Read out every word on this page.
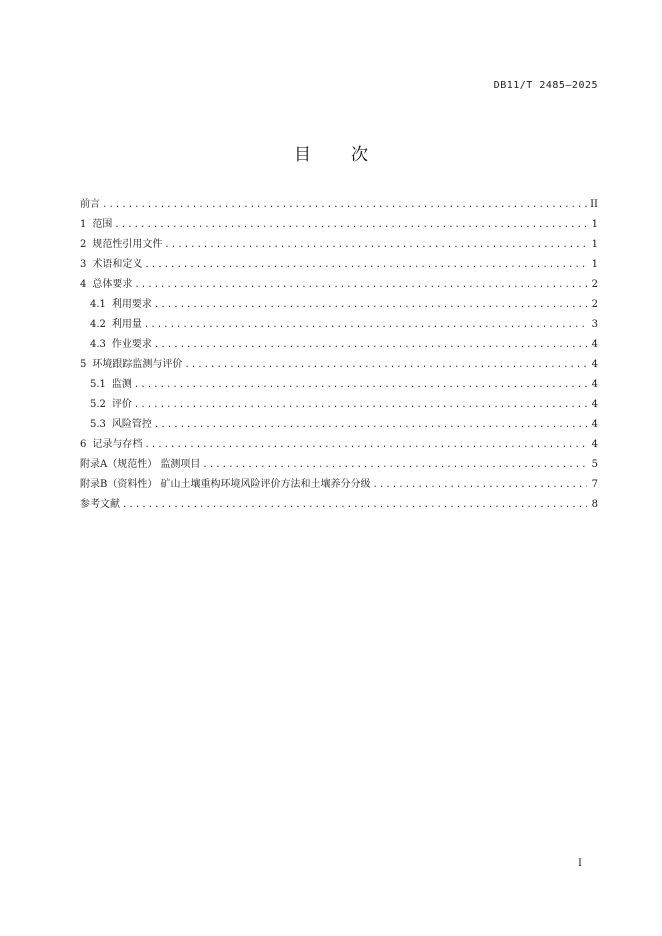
DB11/T 2485—2025
目 次
前言 .....	II
1 范围 .....	1
2 规范性引用文件 .....	1
3 术语和定义 .....	1
4 总体要求 .....	2
4.1 利用要求 .....	2
4.2 利用量 .....	3
4.3 作业要求 .....	4
5 环境跟踪监测与评价 .....	4
5.1 监测 .....	4
5.2 评价 .....	4
5.3 风险管控 .....	4
6 记录与存档 .....	4
附录A（规范性） 监测项目 .....	5
附录B（资料性） 矿山土壤重构环境风险评价方法和土壤养分分级 .....	7
参考文献 .....	8
I
